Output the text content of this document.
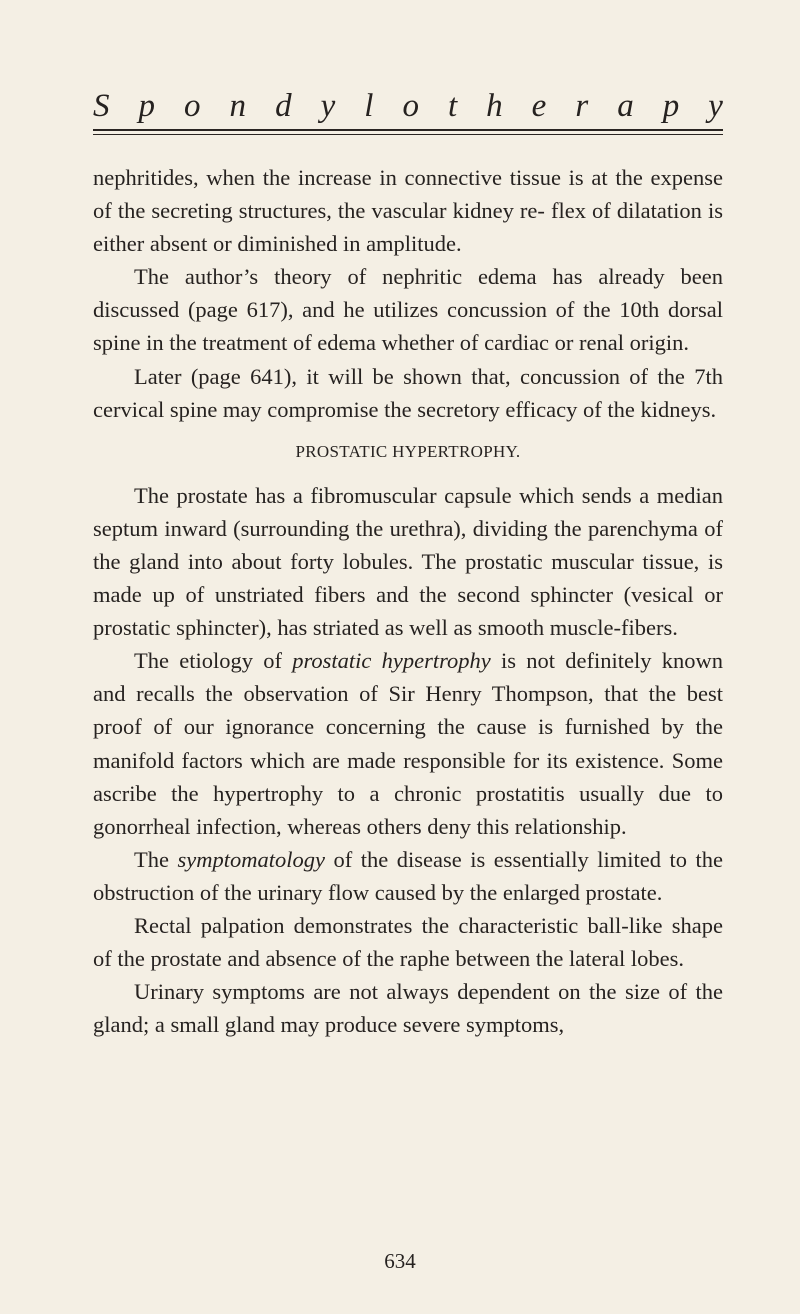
S p o n d y l o t h e r a p y

nephritides, when the increase in connective tissue is at the expense of the secreting structures, the vascular kidney re- flex of dilatation is either absent or diminished in amplitude.

The author’s theory of nephritic edema has already been discussed (page 617), and he utilizes concussion of the 10th dorsal spine in the treatment of edema whether of cardiac or renal origin.

Later (page 641), it will be shown that, concussion of the 7th cervical spine may compromise the secretory efficacy of the kidneys.

PROSTATIC HYPERTROPHY.

The prostate has a fibromuscular capsule which sends a median septum inward (surrounding the urethra), dividing the parenchyma of the gland into about forty lobules. The prostatic muscular tissue, is made up of unstriated fibers and the second sphincter (vesical or prostatic sphincter), has striated as well as smooth muscle-fibers.

The etiology of prostatic hypertrophy is not definitely known and recalls the observation of Sir Henry Thompson, that the best proof of our ignorance concerning the cause is furnished by the manifold factors which are made responsible for its existence. Some ascribe the hypertrophy to a chronic prostatitis usually due to gonorrheal infection, whereas others deny this relationship.

The symptomatology of the disease is essentially limited to the obstruction of the urinary flow caused by the enlarged prostate.

Rectal palpation demonstrates the characteristic ball-like shape of the prostate and absence of the raphe between the lateral lobes.

Urinary symptoms are not always dependent on the size of the gland; a small gland may produce severe symptoms,

634
